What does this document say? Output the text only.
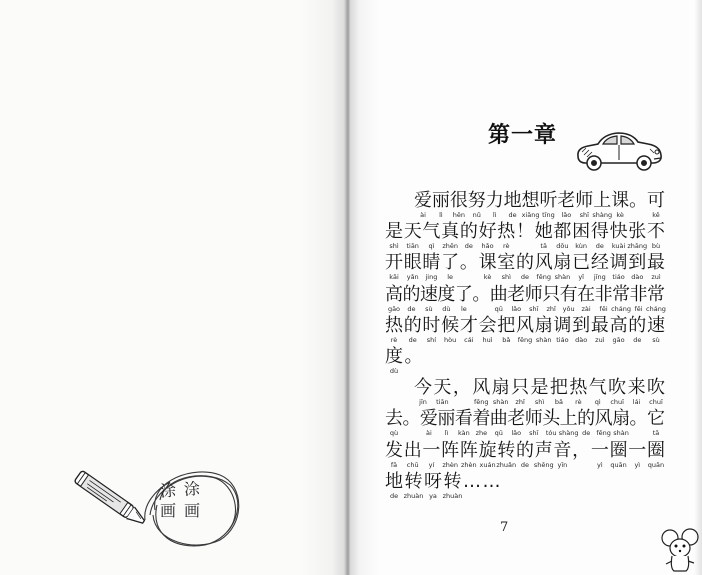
涂涂
画画
第一章
爱丽很努力地想听老师上课。可
ài lì hěn nǔ lì de xiǎng tīng lǎo shī shàng kè	kě
是天气真的好热！她都困得快张不
shì tiān qì zhēn de hǎo rè	tā dōu kùn de kuài zhāng bù
开眼睛了。课室的风扇已经调到最
kāi yǎn jing le	kè shì de fēng shàn yǐ jīng tiáo dào zuì
高的速度了。曲老师只有在非常非常
gāo de sù dù le	qū lǎo shī zhǐ yǒu zài fēi cháng fēi cháng
热的时候才会把风扇调到最高的速
rè de shí hòu cái huì bǎ fēng shàn tiáo dào zuì gāo de sù
度。
dù
今天，风扇只是把热气吹来吹
jīn tiān	fēng shàn zhǐ shì bǎ rè qì chuī lái chuī
去。爱丽看着曲老师头上的风扇。它
qù	ài lì kàn zhe qū lǎo shī tóu shàng de fēng shàn	tā
发出一阵阵旋转的声音，一圈一圈
fā chū yí zhèn zhèn xuán zhuǎn de shēng yīn	yì quān yì quān
地转呀转……
de zhuàn ya zhuàn
7
